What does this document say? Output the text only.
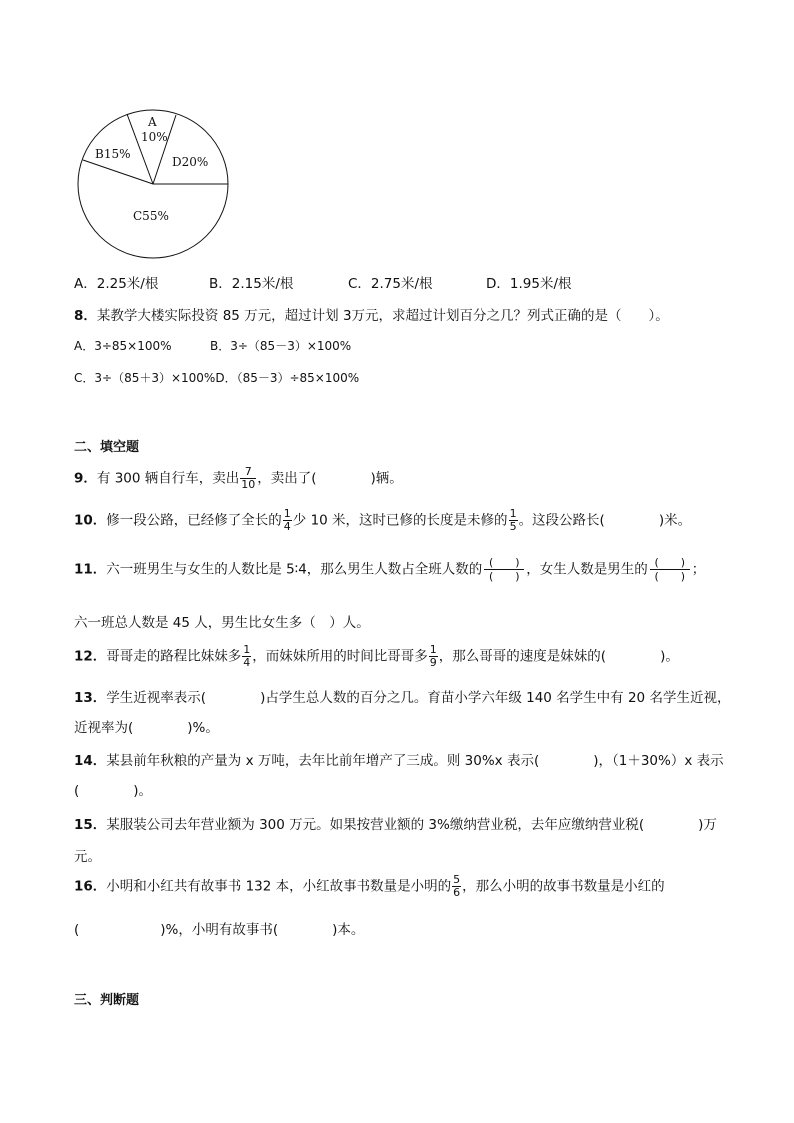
A
10%
B15%
D20%
C55%
A．2.25米/根	B．2.15米/根	C．2.75米/根	D．1.95米/根
8．某教学大楼实际投资 85 万元，超过计划 3万元，求超过计划百分之几？列式正确的是（　　）。
A．3÷85×100%	B．3÷（85－3）×100%
C．3÷（85＋3）×100%D．（85－3）÷85×100%
二、填空题
9．有 300 辆自行车，卖出 $\frac{7}{10}$ ，卖出了(　　　　)辆。
10．修一段公路，已经修了全长的 $\frac{1}{4}$ 少 10 米，这时已修的长度是未修的 $\frac{1}{5}$ 。这段公路长(　　　　)米。
11．六一班男生与女生的人数比是 5∶4，那么男生人数占全班人数的 $\frac{( )}{( )}$ ，女生人数是男生的 $\frac{( )}{( )}$ ；
六一班总人数是 45 人，男生比女生多（　）人。
12．哥哥走的路程比妹妹多 $\frac{1}{4}$ ，而妹妹所用的时间比哥哥多 $\frac{1}{9}$ ，那么哥哥的速度是妹妹的(　　　　)。
13．学生近视率表示(　　　　)占学生总人数的百分之几。育苗小学六年级 140 名学生中有 20 名学生近视，
近视率为(　　　　)%。
14．某县前年秋粮的产量为 x 万吨，去年比前年增产了三成。则 30%x 表示(　　　　)，（1＋30%）x 表示
(　　　　)。
15．某服装公司去年营业额为 300 万元。如果按营业额的 3%缴纳营业税，去年应缴纳营业税(　　　　)万
元。
16．小明和小红共有故事书 132 本，小红故事书数量是小明的 $\frac{5}{6}$ ，那么小明的故事书数量是小红的
(　　　　　　)%，小明有故事书(　　　　)本。
三、判断题
